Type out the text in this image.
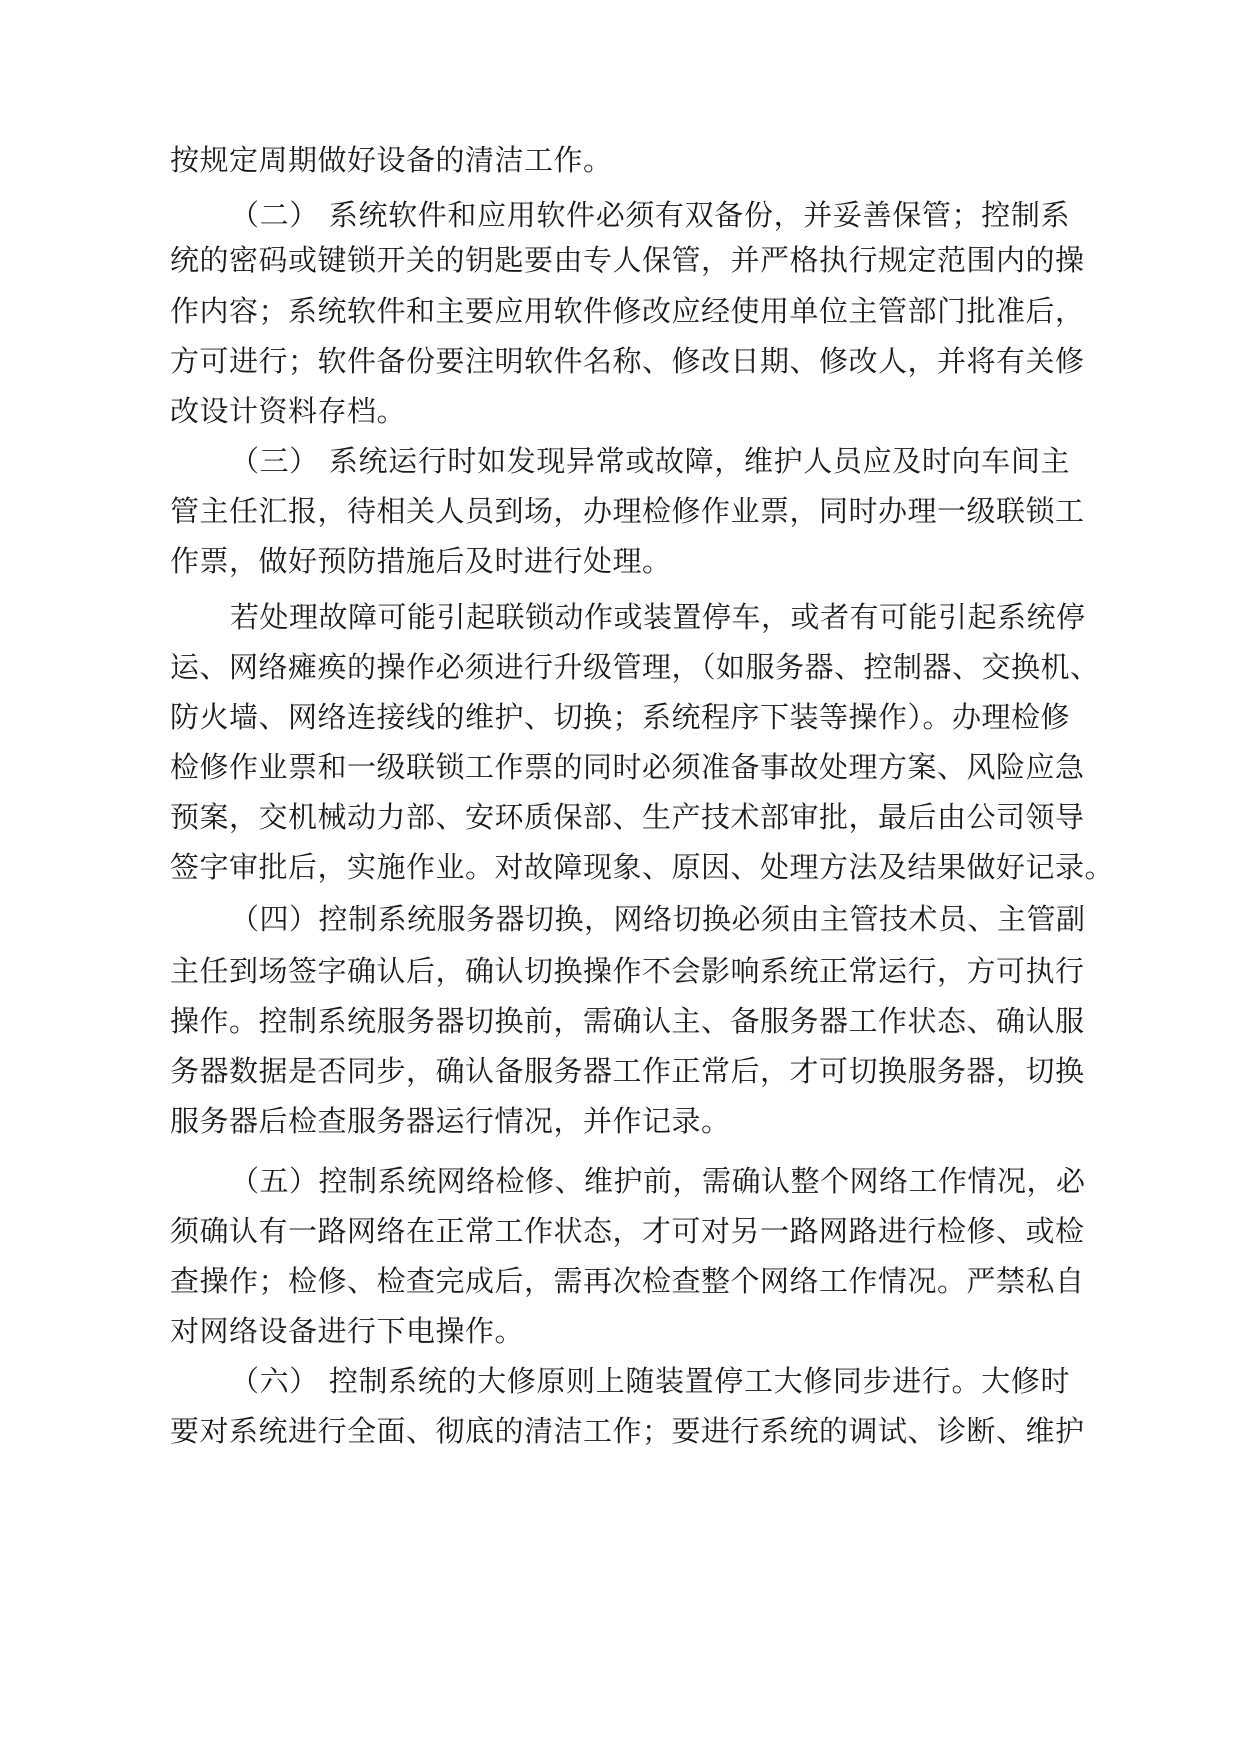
按规定周期做好设备的清洁工作。
（二） 系统软件和应用软件必须有双备份，并妥善保管；控制系
统的密码或键锁开关的钥匙要由专人保管，并严格执行规定范围内的操
作内容；系统软件和主要应用软件修改应经使用单位主管部门批准后，
方可进行；软件备份要注明软件名称、修改日期、修改人，并将有关修
改设计资料存档。
（三） 系统运行时如发现异常或故障，维护人员应及时向车间主
管主任汇报，待相关人员到场，办理检修作业票，同时办理一级联锁工
作票，做好预防措施后及时进行处理。
若处理故障可能引起联锁动作或装置停车，或者有可能引起系统停
运、网络瘫痪的操作必须进行升级管理，（如服务器、控制器、交换机、
防火墙、网络连接线的维护、切换；系统程序下装等操作）。办理检修
检修作业票和一级联锁工作票的同时必须准备事故处理方案、风险应急
预案，交机械动力部、安环质保部、生产技术部审批，最后由公司领导
签字审批后，实施作业。对故障现象、原因、处理方法及结果做好记录。
（四）控制系统服务器切换，网络切换必须由主管技术员、主管副
主任到场签字确认后，确认切换操作不会影响系统正常运行，方可执行
操作。控制系统服务器切换前，需确认主、备服务器工作状态、确认服
务器数据是否同步，确认备服务器工作正常后，才可切换服务器，切换
服务器后检查服务器运行情况，并作记录。
（五）控制系统网络检修、维护前，需确认整个网络工作情况，必
须确认有一路网络在正常工作状态，才可对另一路网路进行检修、或检
查操作；检修、检查完成后，需再次检查整个网络工作情况。严禁私自
对网络设备进行下电操作。
（六） 控制系统的大修原则上随装置停工大修同步进行。大修时
要对系统进行全面、彻底的清洁工作；要进行系统的调试、诊断、维护
